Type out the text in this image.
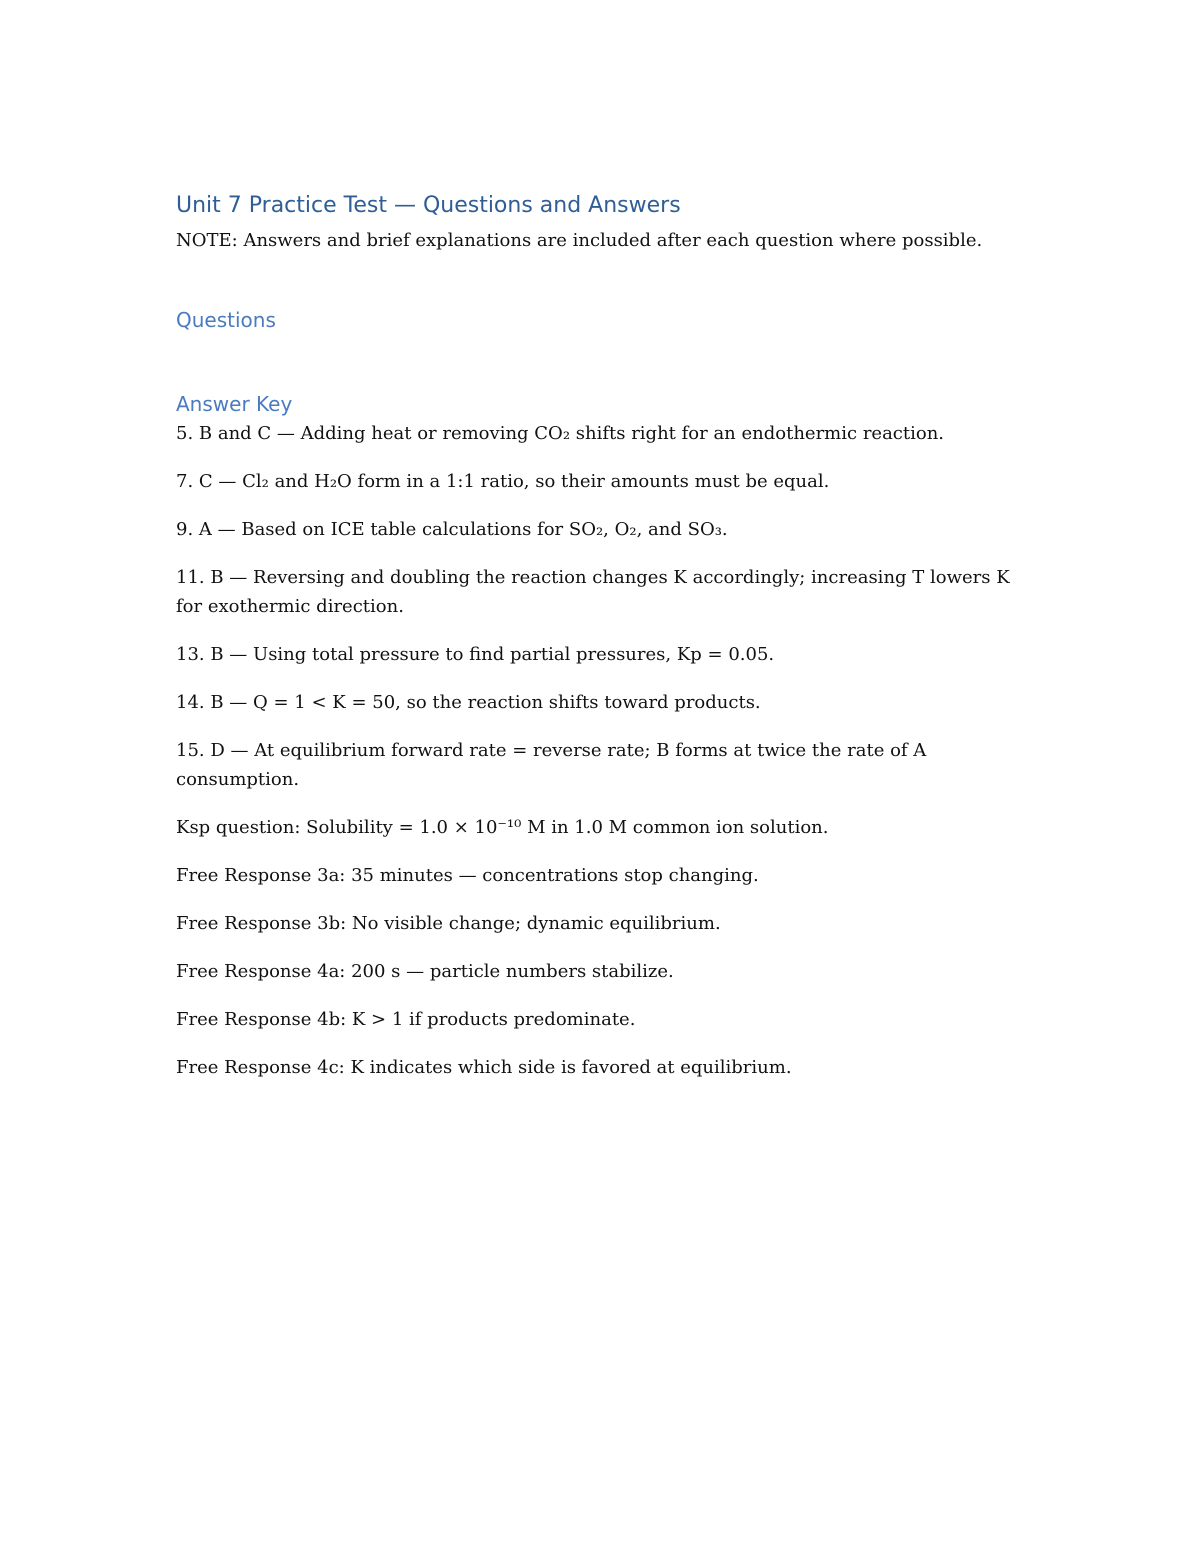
Unit 7 Practice Test — Questions and Answers

NOTE: Answers and brief explanations are included after each question where possible.

Questions
Answer Key
5. B and C — Adding heat or removing CO₂ shifts right for an endothermic reaction.
7. C — Cl₂ and H₂O form in a 1:1 ratio, so their amounts must be equal.
9. A — Based on ICE table calculations for SO₂, O₂, and SO₃.
11. B — Reversing and doubling the reaction changes K accordingly; increasing T lowers K for exothermic direction.
13. B — Using total pressure to find partial pressures, Kp = 0.05.
14. B — Q = 1 < K = 50, so the reaction shifts toward products.
15. D — At equilibrium forward rate = reverse rate; B forms at twice the rate of A consumption.
Ksp question: Solubility = 1.0 × 10⁻¹⁰ M in 1.0 M common ion solution.
Free Response 3a: 35 minutes — concentrations stop changing.
Free Response 3b: No visible change; dynamic equilibrium.
Free Response 4a: 200 s — particle numbers stabilize.
Free Response 4b: K > 1 if products predominate.
Free Response 4c: K indicates which side is favored at equilibrium.
